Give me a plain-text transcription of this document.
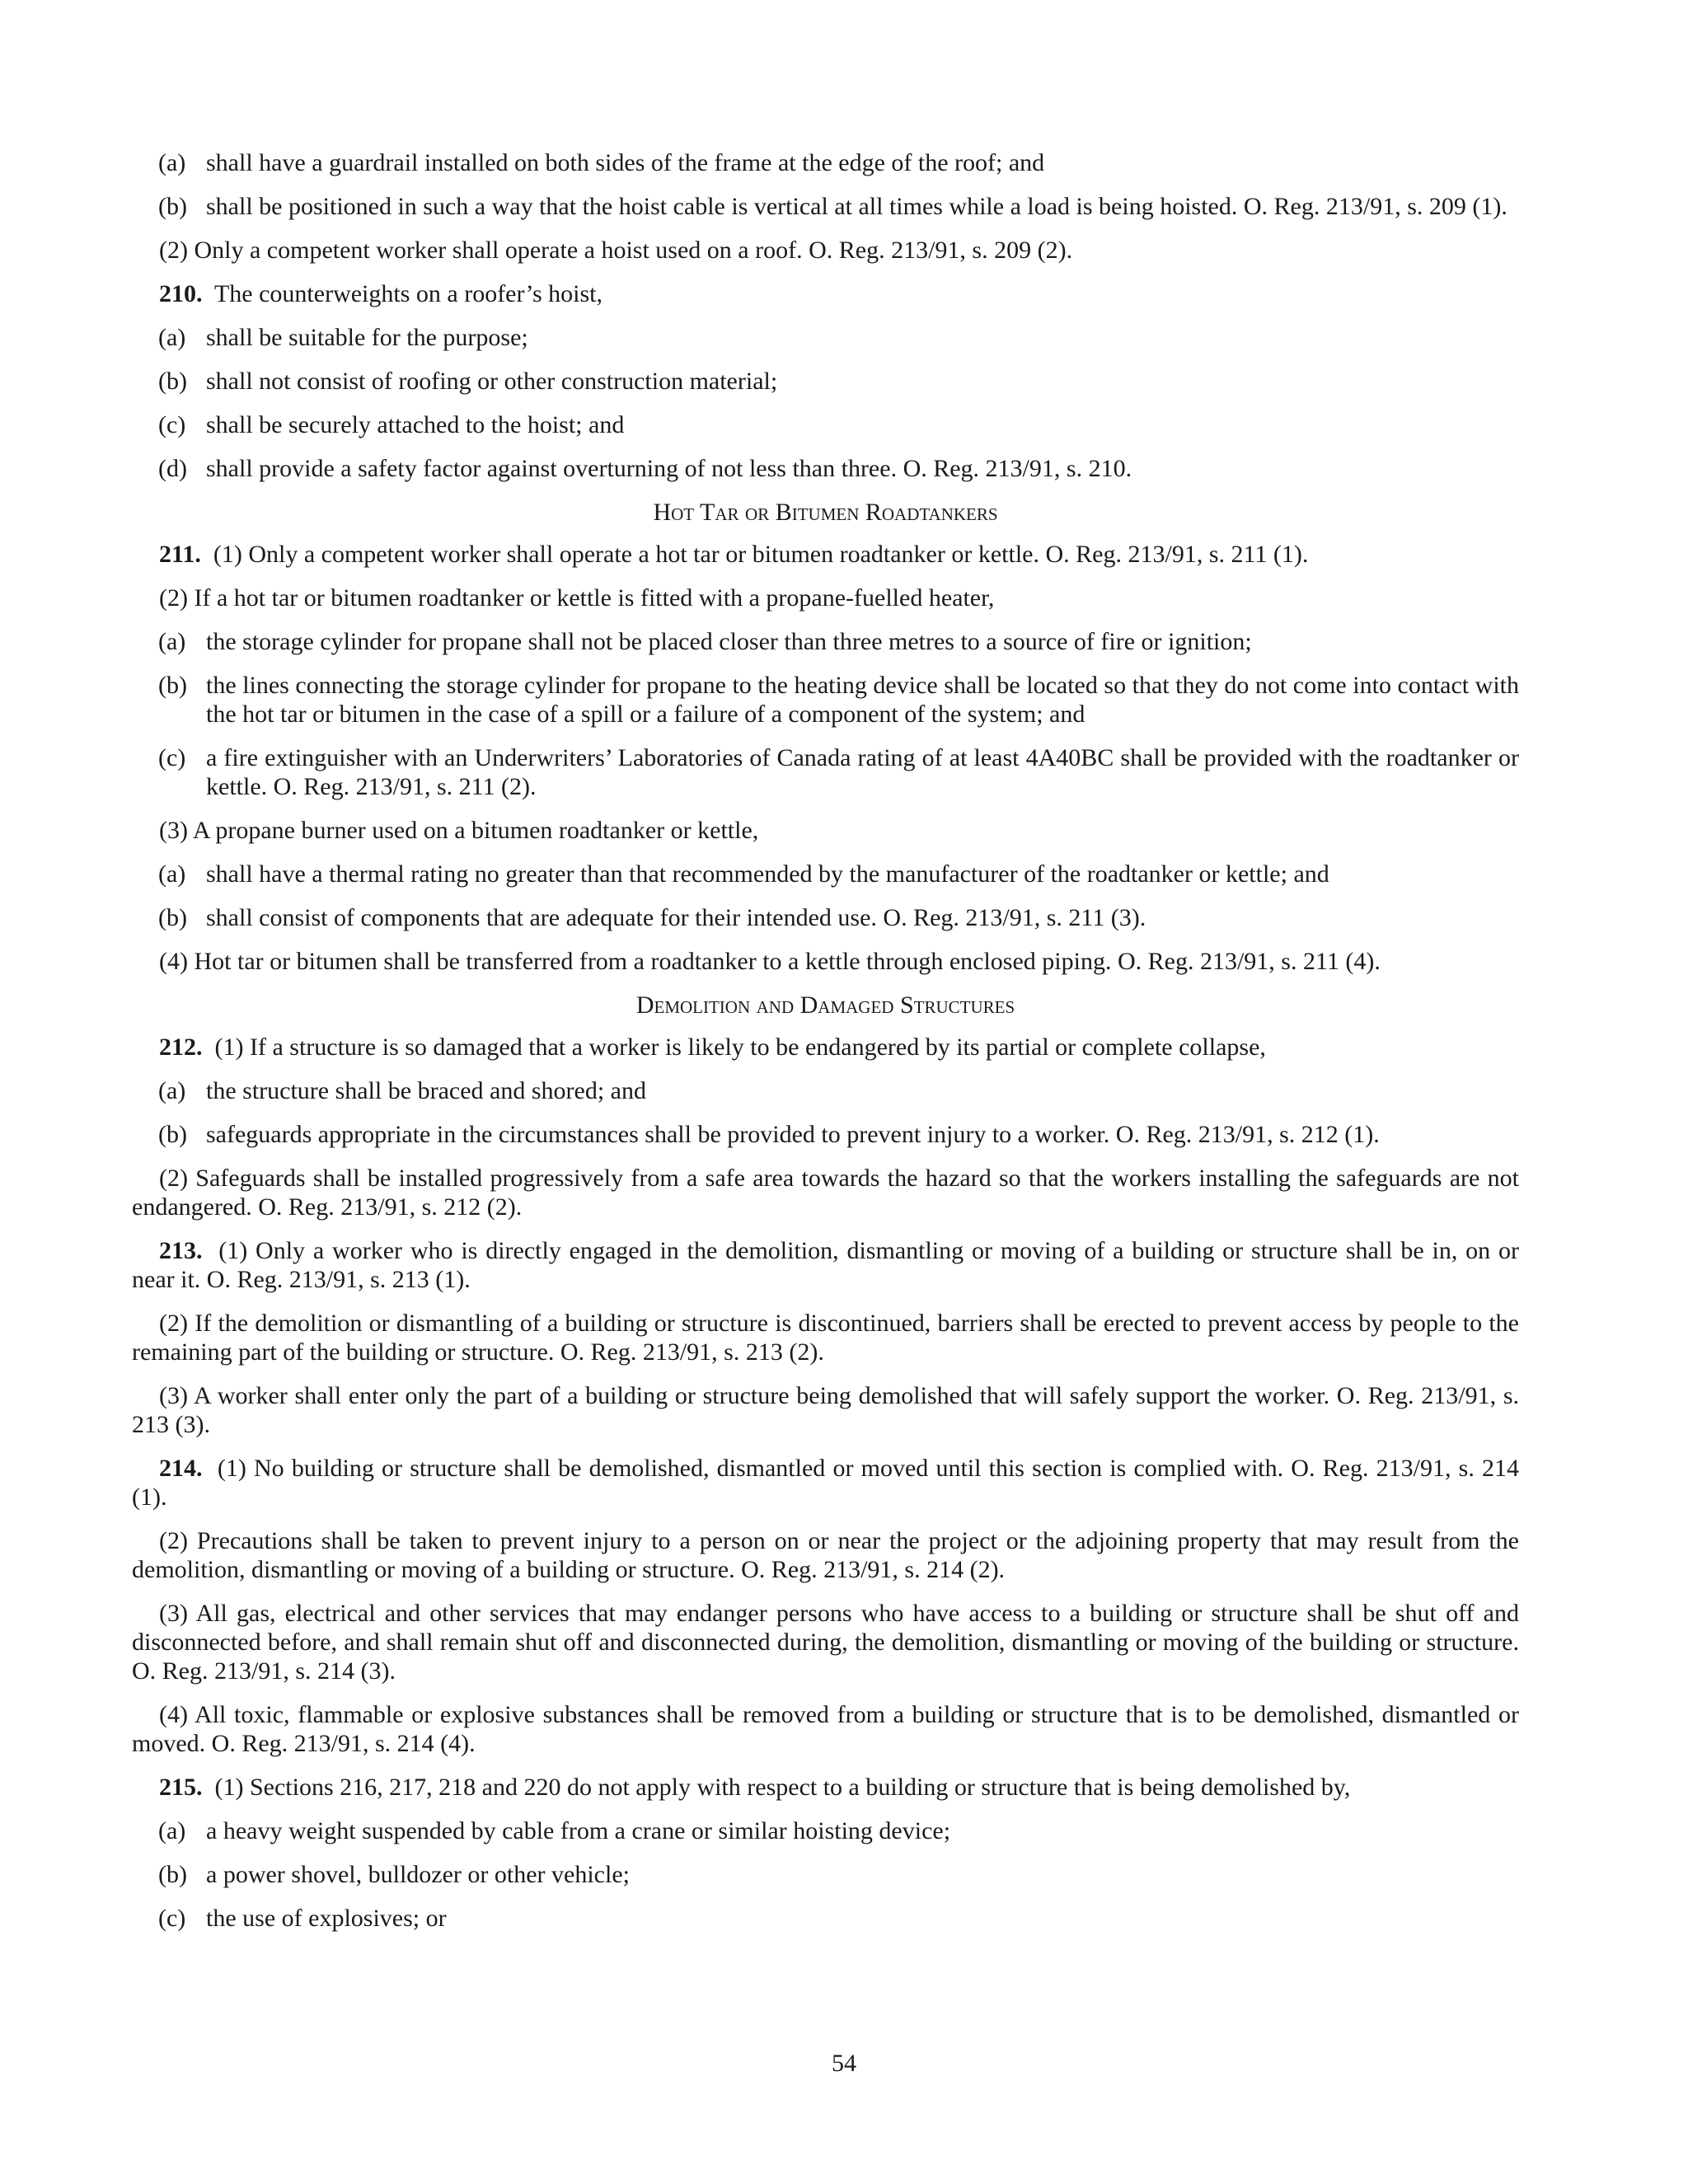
(a) shall have a guardrail installed on both sides of the frame at the edge of the roof; and

(b) shall be positioned in such a way that the hoist cable is vertical at all times while a load is being hoisted. O. Reg. 213/91, s. 209 (1).

(2) Only a competent worker shall operate a hoist used on a roof. O. Reg. 213/91, s. 209 (2).

210. The counterweights on a roofer’s hoist,

(a) shall be suitable for the purpose;

(b) shall not consist of roofing or other construction material;

(c) shall be securely attached to the hoist; and

(d) shall provide a safety factor against overturning of not less than three. O. Reg. 213/91, s. 210.

Hot Tar or Bitumen Roadtankers

211. (1) Only a competent worker shall operate a hot tar or bitumen roadtanker or kettle. O. Reg. 213/91, s. 211 (1).

(2) If a hot tar or bitumen roadtanker or kettle is fitted with a propane-fuelled heater,

(a) the storage cylinder for propane shall not be placed closer than three metres to a source of fire or ignition;

(b) the lines connecting the storage cylinder for propane to the heating device shall be located so that they do not come into contact with the hot tar or bitumen in the case of a spill or a failure of a component of the system; and

(c) a fire extinguisher with an Underwriters’ Laboratories of Canada rating of at least 4A40BC shall be provided with the roadtanker or kettle. O. Reg. 213/91, s. 211 (2).

(3) A propane burner used on a bitumen roadtanker or kettle,

(a) shall have a thermal rating no greater than that recommended by the manufacturer of the roadtanker or kettle; and

(b) shall consist of components that are adequate for their intended use. O. Reg. 213/91, s. 211 (3).

(4) Hot tar or bitumen shall be transferred from a roadtanker to a kettle through enclosed piping. O. Reg. 213/91, s. 211 (4).

Demolition and Damaged Structures

212. (1) If a structure is so damaged that a worker is likely to be endangered by its partial or complete collapse,

(a) the structure shall be braced and shored; and

(b) safeguards appropriate in the circumstances shall be provided to prevent injury to a worker. O. Reg. 213/91, s. 212 (1).

(2) Safeguards shall be installed progressively from a safe area towards the hazard so that the workers installing the safeguards are not endangered. O. Reg. 213/91, s. 212 (2).

213. (1) Only a worker who is directly engaged in the demolition, dismantling or moving of a building or structure shall be in, on or near it. O. Reg. 213/91, s. 213 (1).

(2) If the demolition or dismantling of a building or structure is discontinued, barriers shall be erected to prevent access by people to the remaining part of the building or structure. O. Reg. 213/91, s. 213 (2).

(3) A worker shall enter only the part of a building or structure being demolished that will safely support the worker. O. Reg. 213/91, s. 213 (3).

214. (1) No building or structure shall be demolished, dismantled or moved until this section is complied with. O. Reg. 213/91, s. 214 (1).

(2) Precautions shall be taken to prevent injury to a person on or near the project or the adjoining property that may result from the demolition, dismantling or moving of a building or structure. O. Reg. 213/91, s. 214 (2).

(3) All gas, electrical and other services that may endanger persons who have access to a building or structure shall be shut off and disconnected before, and shall remain shut off and disconnected during, the demolition, dismantling or moving of the building or structure. O. Reg. 213/91, s. 214 (3).

(4) All toxic, flammable or explosive substances shall be removed from a building or structure that is to be demolished, dismantled or moved. O. Reg. 213/91, s. 214 (4).

215. (1) Sections 216, 217, 218 and 220 do not apply with respect to a building or structure that is being demolished by,

(a) a heavy weight suspended by cable from a crane or similar hoisting device;

(b) a power shovel, bulldozer or other vehicle;

(c) the use of explosives; or

54
